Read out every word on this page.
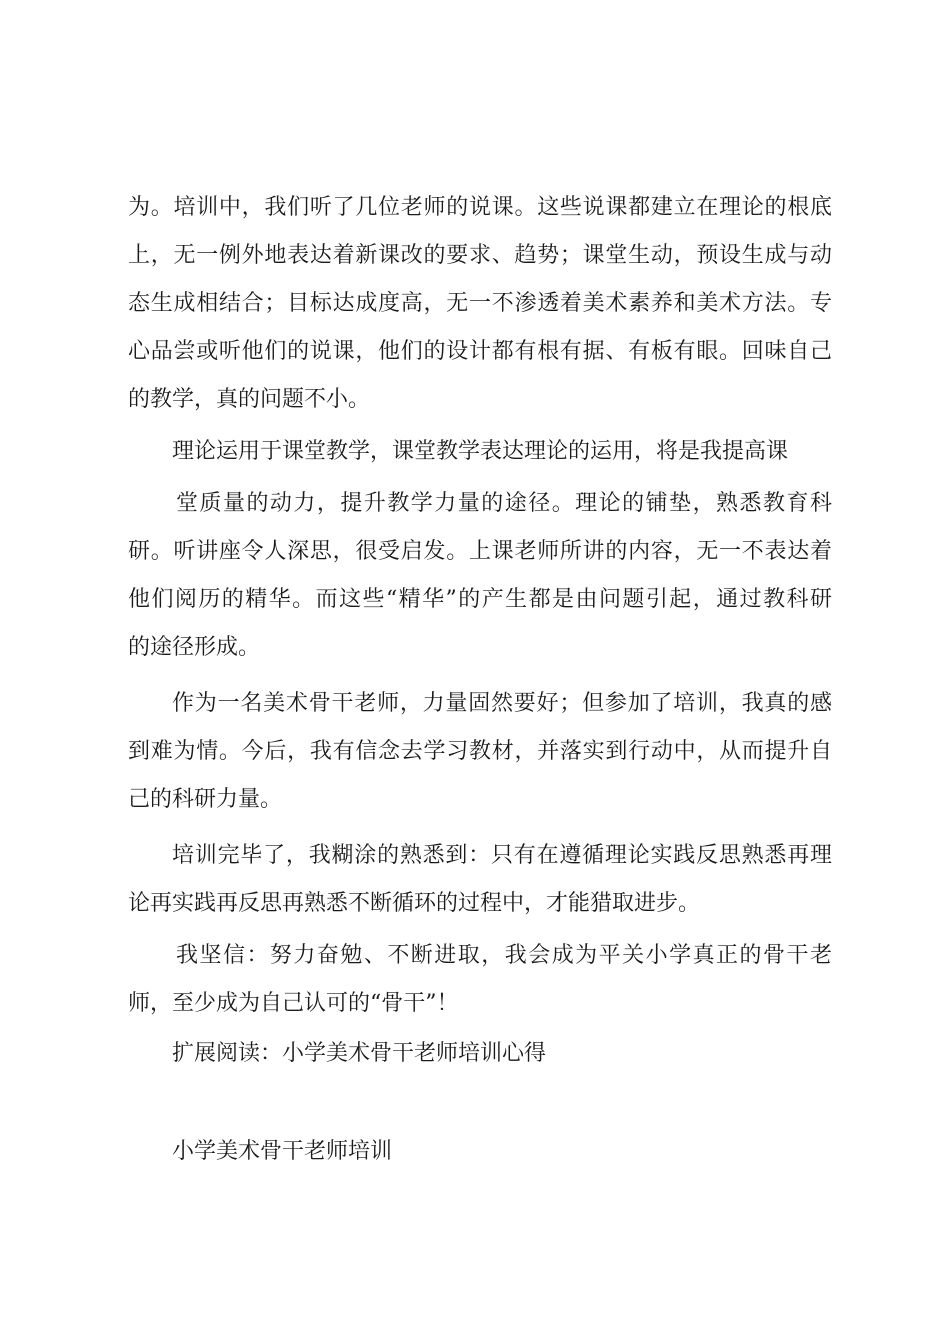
为。培训中，我们听了几位老师的说课。这些说课都建立在理论的根底
上，无一例外地表达着新课改的要求、趋势；课堂生动，预设生成与动
态生成相结合；目标达成度高，无一不渗透着美术素养和美术方法。专
心品尝或听他们的说课，他们的设计都有根有据、有板有眼。回味自己
的教学，真的问题不小。
理论运用于课堂教学，课堂教学表达理论的运用，将是我提高课
堂质量的动力，提升教学力量的途径。理论的铺垫，熟悉教育科
研。听讲座令人深思，很受启发。上课老师所讲的内容，无一不表达着
他们阅历的精华。而这些“精华”的产生都是由问题引起，通过教科研
的途径形成。
作为一名美术骨干老师，力量固然要好；但参加了培训，我真的感
到难为情。今后，我有信念去学习教材，并落实到行动中，从而提升自
己的科研力量。
培训完毕了，我糊涂的熟悉到：只有在遵循理论实践反思熟悉再理
论再实践再反思再熟悉不断循环的过程中，才能猎取进步。
我坚信：努力奋勉、不断进取，我会成为平关小学真正的骨干老
师，至少成为自己认可的“骨干”！
扩展阅读：小学美术骨干老师培训心得
小学美术骨干老师培训
